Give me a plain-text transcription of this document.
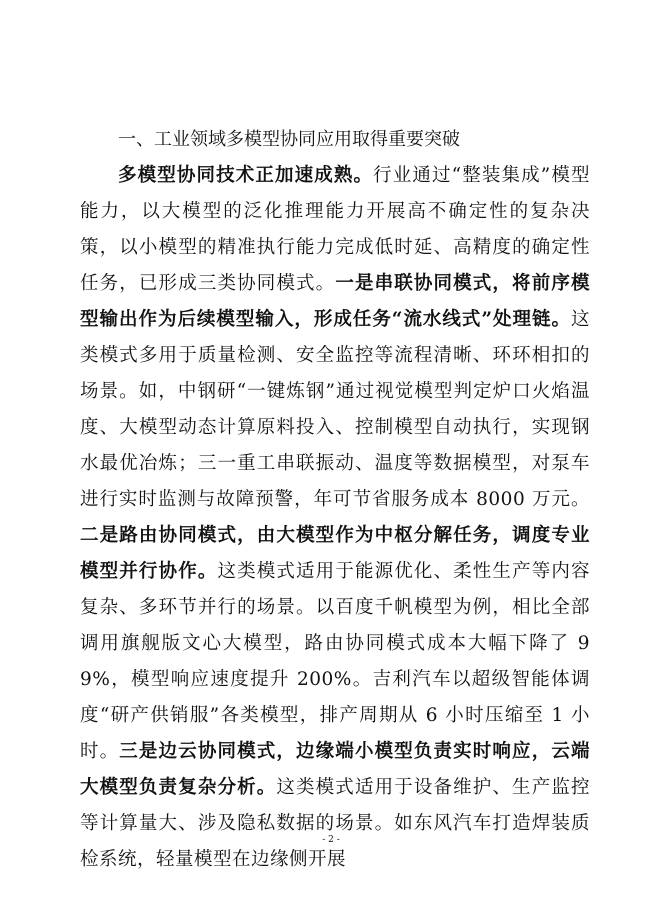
一、工业领域多模型协同应用取得重要突破

多模型协同技术正加速成熟。行业通过“整装集成”模型能力，以大模型的泛化推理能力开展高不确定性的复杂决策，以小模型的精准执行能力完成低时延、高精度的确定性任务，已形成三类协同模式。一是串联协同模式，将前序模型输出作为后续模型输入，形成任务“流水线式”处理链。这类模式多用于质量检测、安全监控等流程清晰、环环相扣的场景。如，中钢研“一键炼钢”通过视觉模型判定炉口火焰温度、大模型动态计算原料投入、控制模型自动执行，实现钢水最优冶炼；三一重工串联振动、温度等数据模型，对泵车进行实时监测与故障预警，年可节省服务成本 8000 万元。二是路由协同模式，由大模型作为中枢分解任务，调度专业模型并行协作。这类模式适用于能源优化、柔性生产等内容复杂、多环节并行的场景。以百度千帆模型为例，相比全部调用旗舰版文心大模型，路由协同模式成本大幅下降了 99%，模型响应速度提升 200%。吉利汽车以超级智能体调度“研产供销服”各类模型，排产周期从 6 小时压缩至 1 小时。三是边云协同模式，边缘端小模型负责实时响应，云端大模型负责复杂分析。这类模式适用于设备维护、生产监控等计算量大、涉及隐私数据的场景。如东风汽车打造焊装质检系统，轻量模型在边缘侧开展

- 2 -
